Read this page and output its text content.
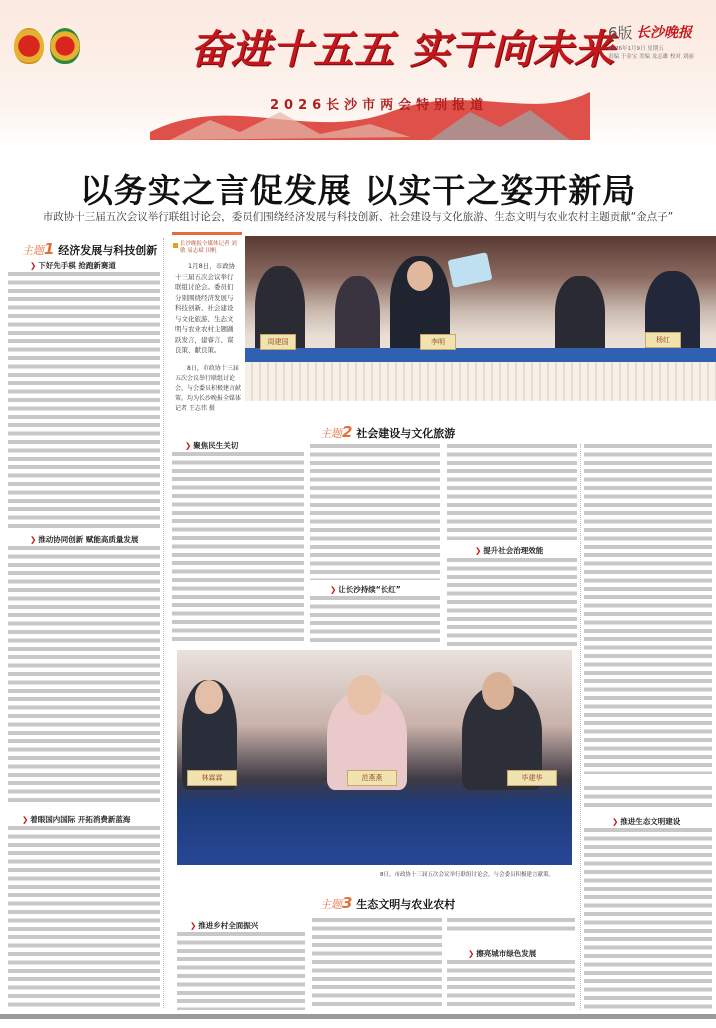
奋进十五五 实干向未来
2026长沙市两会特别报道
6版 长沙晚报
2026年1月9日 星期五
责编 于金宝 美编 龙志雄 校对 刘丽
以务实之言促发展 以实干之姿开新局
市政协十三届五次会议举行联组讨论会，委员们围绕经济发展与科技创新、社会建设与文化旅游、生态文明与农业农村主题贡献“金点子”
主题1 经济发展与科技创新
主题2 社会建设与文化旅游
主题3 生态文明与农业农村
❯ 下好先手棋 抢跑新赛道
❯ 推动协同创新 赋能高质量发展
❯ 着眼国内国际 开拓消费新蓝海
长沙晚报全媒体记者 刘敏 易志斌 田帆
1月8日，市政协十三届五次会议举行联组讨论会。委员们分别围绕经济发展与科技创新、社会建设与文化旅游、生态文明与农业农村主题踊跃发言，建睿言、谋良策、献良策。
8日，市政协十三届五次会议举行联组讨论会，与会委员积极建言献策。均为长沙晚报全媒体记者 王志伟 摄
周建国	李明	杨红
❯ 聚焦民生关切
❯ 让长沙持续“长红”
❯ 提升社会治理效能
❯ 推进生态文明建设
林霖霖	范燕燕	毕建华
8日，市政协十三届五次会议举行联组讨论会，与会委员积极建言献策。
❯ 推进乡村全面振兴
❯ 擦亮城市绿色发展
